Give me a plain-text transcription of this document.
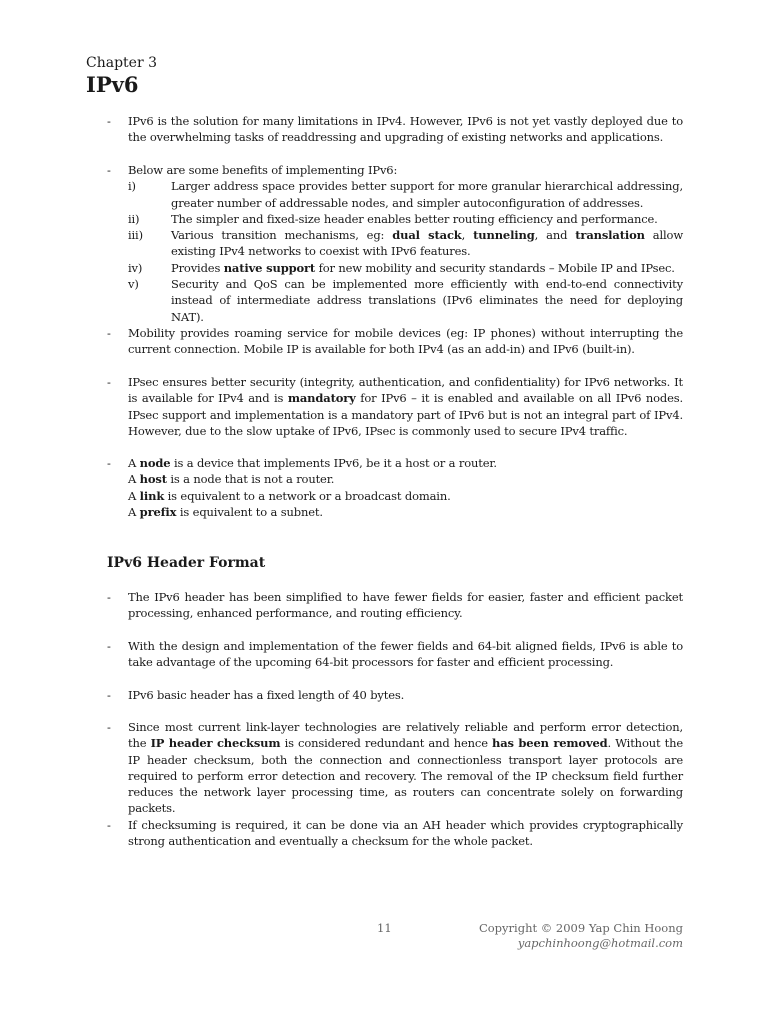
Chapter 3
IPv6
- IPv6 is the solution for many limitations in IPv4. However, IPv6 is not yet vastly deployed due to the overwhelming tasks of readdressing and upgrading of existing networks and applications.
- Below are some benefits of implementing IPv6:
i)	Larger address space provides better support for more granular hierarchical addressing, greater number of addressable nodes, and simpler autoconfiguration of addresses.
ii)	The simpler and fixed-size header enables better routing efficiency and performance.
iii) Various transition mechanisms, eg: dual stack, tunneling, and translation allow existing IPv4 networks to coexist with IPv6 features.
iv)	Provides native support for new mobility and security standards – Mobile IP and IPsec.
v)	Security and QoS can be implemented more efficiently with end-to-end connectivity instead of intermediate address translations (IPv6 eliminates the need for deploying NAT).
- Mobility provides roaming service for mobile devices (eg: IP phones) without interrupting the current connection. Mobile IP is available for both IPv4 (as an add-in) and IPv6 (built-in).
- IPsec ensures better security (integrity, authentication, and confidentiality) for IPv6 networks. It is available for IPv4 and is mandatory for IPv6 – it is enabled and available on all IPv6 nodes. IPsec support and implementation is a mandatory part of IPv6 but is not an integral part of IPv4. However, due to the slow uptake of IPv6, IPsec is commonly used to secure IPv4 traffic.
- A node is a device that implements IPv6, be it a host or a router.

A host is a node that is not a router.

A link is equivalent to a network or a broadcast domain.

A prefix is equivalent to a subnet.

IPv6 Header Format
- The IPv6 header has been simplified to have fewer fields for easier, faster and efficient packet processing, enhanced performance, and routing efficiency.
- With the design and implementation of the fewer fields and 64-bit aligned fields, IPv6 is able to take advantage of the upcoming 64-bit processors for faster and efficient processing.
- IPv6 basic header has a fixed length of 40 bytes.
- Since most current link-layer technologies are relatively reliable and perform error detection, the IP header checksum is considered redundant and hence has been removed. Without the IP header checksum, both the connection and connectionless transport layer protocols are required to perform error detection and recovery. The removal of the IP checksum field further reduces the network layer processing time, as routers can concentrate solely on forwarding packets.
- If checksuming is required, it can be done via an AH header which provides cryptographically strong authentication and eventually a checksum for the whole packet.
11	Copyright © 2009 Yap Chin Hoong
yapchinhoong@hotmail.com
